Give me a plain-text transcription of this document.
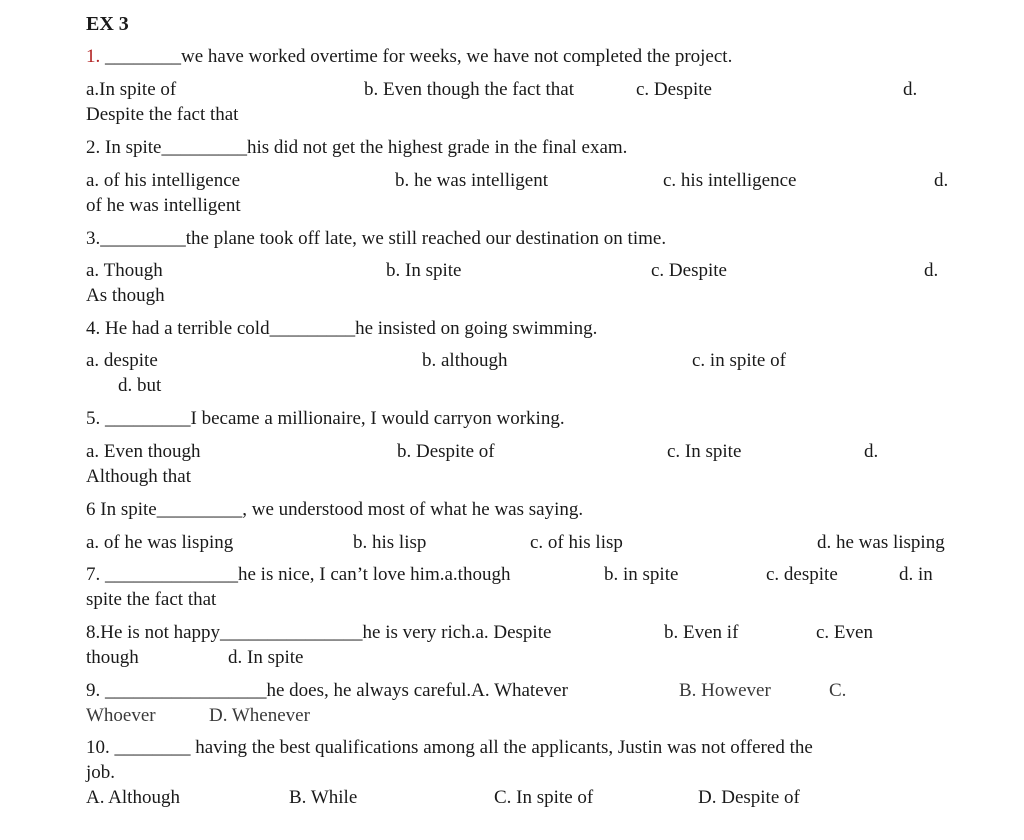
EX 3
1. ________we have worked overtime for weeks, we have not completed the project.
a.In spite of	b. Even though the fact that	c. Despite	d.
Despite the fact that
2. In spite_________his did not get the highest grade in the final exam.
a. of his intelligence	b. he was intelligent	c. his intelligence	d.
of he was intelligent
3._________the plane took off late, we still reached our destination on time.
a. Though	b. In spite	c. Despite	d.
As though
4. He had a terrible cold_________he insisted on going swimming.
a. despite	b. although	c. in spite of
d. but
5. _________I became a millionaire, I would carryon working.
a. Even though	b. Despite of	c. In spite	d.
Although that
6 In spite_________, we understood most of what he was saying.
a. of he was lisping	b. his lisp	c. of his lisp	d. he was lisping
7. ______________he is nice, I can’t love him.a.though	b. in spite	c. despite	d. in
spite the fact that
8.He is not happy_______________he is very rich.a. Despite	b. Even if	c. Even
though	d. In spite
9. _________________he does, he always careful.A. Whatever	B. However	C.
Whoever	D. Whenever
10. ________ having the best qualifications among all the applicants, Justin was not offered the
job.
A. Although	B. While	C. In spite of	D. Despite of
